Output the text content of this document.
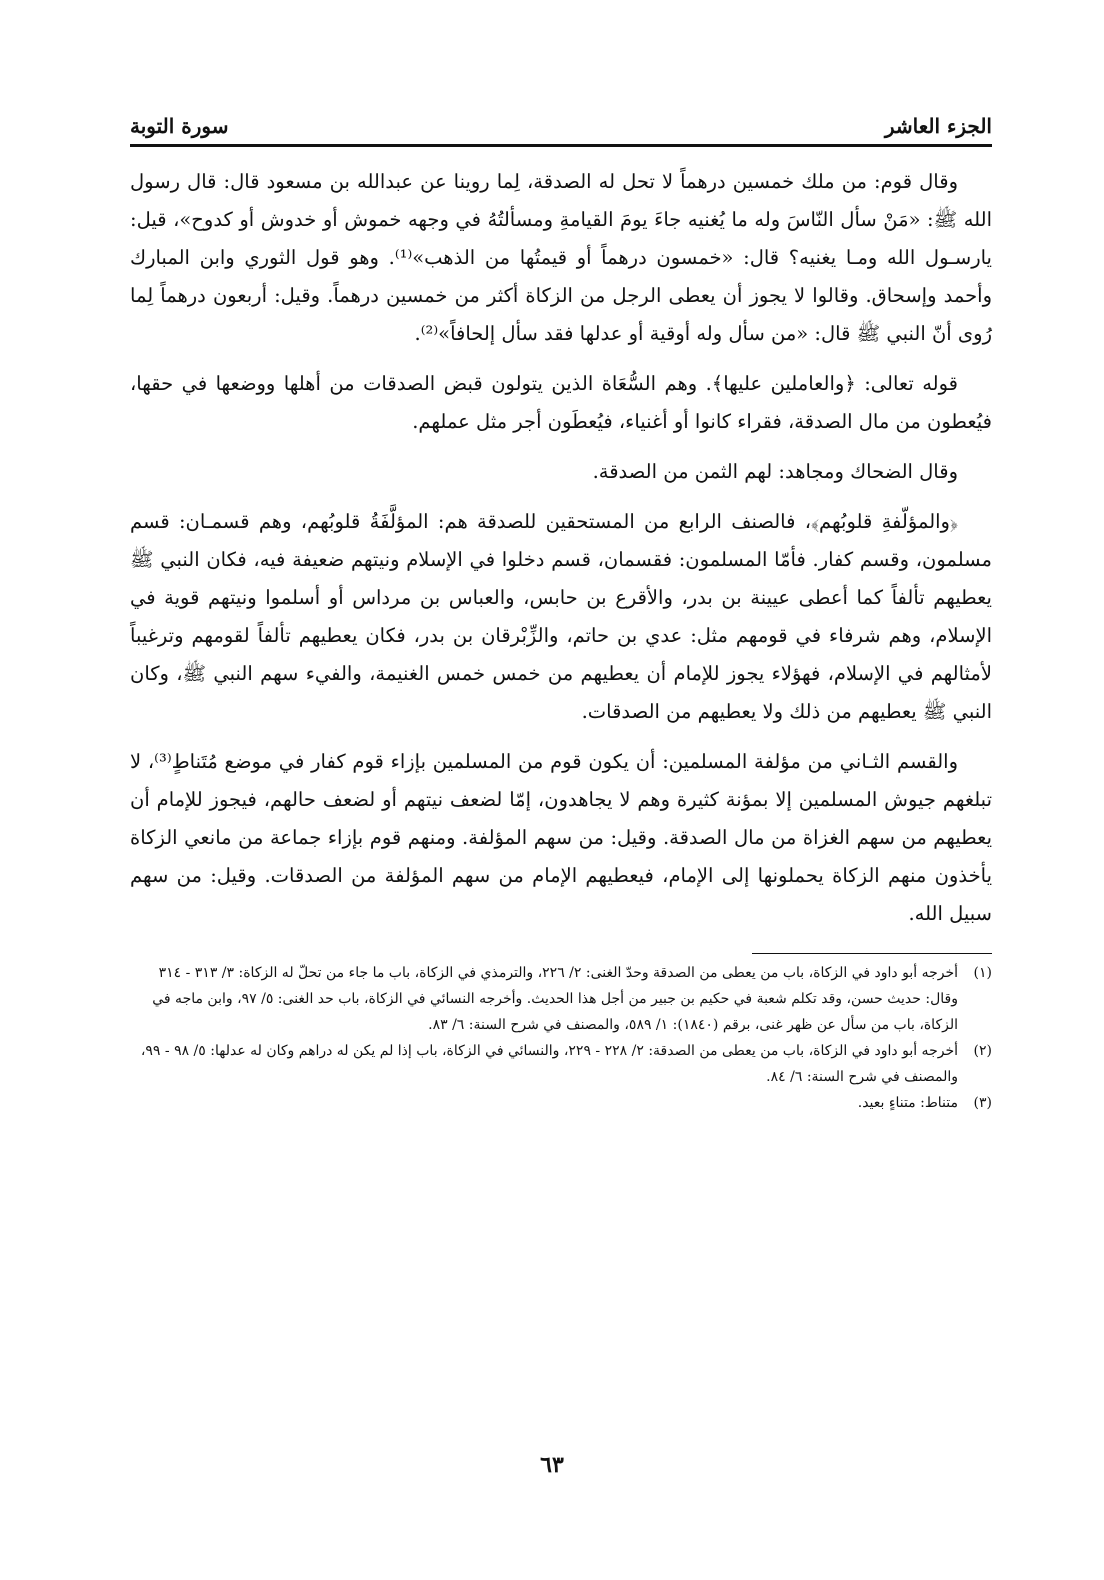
الجزء العاشر
سورة التوبة

وقال قوم: من ملك خمسين درهماً لا تحل له الصدقة، لِما روينا عن عبدالله بن مسعود قال: قال رسول الله ﷺ: «مَنْ سأل النّاسَ وله ما يُغنيه جاءَ يومَ القيامةِ ومسألتُهُ في وجهه خموش أو خدوش أو كدوح»، قيل: يارسـول الله ومـا يغنيه؟ قال: «خمسون درهماً أو قيمتُها من الذهب»⁽¹⁾. وهو قول الثوري وابن المبارك وأحمد وإسحاق. وقالوا لا يجوز أن يعطى الرجل من الزكاة أكثر من خمسين درهماً. وقيل: أربعون درهماً لِما رُوى أنّ النبي ﷺ قال: «من سأل وله أوقية أو عدلها فقد سأل إلحافاً»⁽²⁾.

قوله تعالى: ﴿والعاملين عليها﴾. وهم السُّعَاة الذين يتولون قبض الصدقات من أهلها ووضعها في حقها، فيُعطون من مال الصدقة، فقراء كانوا أو أغنياء، فيُعطَون أجر مثل عملهم.

وقال الضحاك ومجاهد: لهم الثمن من الصدقة.

﴿والمؤلّفةِ قلوبُهم﴾، فالصنف الرابع من المستحقين للصدقة هم: المؤلَّفَةُ قلوبُهم، وهم قسمـان: قسم مسلمون، وقسم كفار. فأمّا المسلمون: فقسمان، قسم دخلوا في الإسلام ونيتهم ضعيفة فيه، فكان النبي ﷺ يعطيهم تألفاً كما أعطى عيينة بن بدر، والأقرع بن حابس، والعباس بن مرداس أو أسلموا ونيتهم قوية في الإسلام، وهم شرفاء في قومهم مثل: عدي بن حاتم، والزِّبْرقان بن بدر، فكان يعطيهم تألفاً لقومهم وترغيباً لأمثالهم في الإسلام، فهؤلاء يجوز للإمام أن يعطيهم من خمس خمس الغنيمة، والفيء سهم النبي ﷺ، وكان النبي ﷺ يعطيهم من ذلك ولا يعطيهم من الصدقات.

والقسم الثـاني من مؤلفة المسلمين: أن يكون قوم من المسلمين بإزاء قوم كفار في موضع مُتَناطٍ⁽³⁾، لا تبلغهم جيوش المسلمين إلا بمؤنة كثيرة وهم لا يجاهدون، إمّا لضعف نيتهم أو لضعف حالهم، فيجوز للإمام أن يعطيهم من سهم الغزاة من مال الصدقة. وقيل: من سهم المؤلفة. ومنهم قوم بإزاء جماعة من مانعي الزكاة يأخذون منهم الزكاة يحملونها إلى الإمام، فيعطيهم الإمام من سهم المؤلفة من الصدقات. وقيل: من سهم سبيل الله.

(١)أخرجه أبو داود في الزكاة، باب من يعطى من الصدقة وحدّ الغنى: ٢/ ٢٢٦، والترمذي في الزكاة، باب ما جاء من تحلّ له الزكاة: ٣/ ٣١٣ - ٣١٤ وقال: حديث حسن، وقد تكلم شعبة في حكيم بن جبير من أجل هذا الحديث. وأخرجه النسائي في الزكاة، باب حد الغنى: ٥/ ٩٧، وابن ماجه في الزكاة، باب من سأل عن ظهر غنى، برقم (١٨٤٠): ١/ ٥٨٩، والمصنف في شرح السنة: ٦/ ٨٣.

(٢)أخرجه أبو داود في الزكاة، باب من يعطى من الصدقة: ٢/ ٢٢٨ - ٢٢٩، والنسائي في الزكاة، باب إذا لم يكن له دراهم وكان له عدلها: ٥/ ٩٨ - ٩٩، والمصنف في شرح السنة: ٦/ ٨٤.

(٣)متناط: متناءٍ بعيد.

٦٣
